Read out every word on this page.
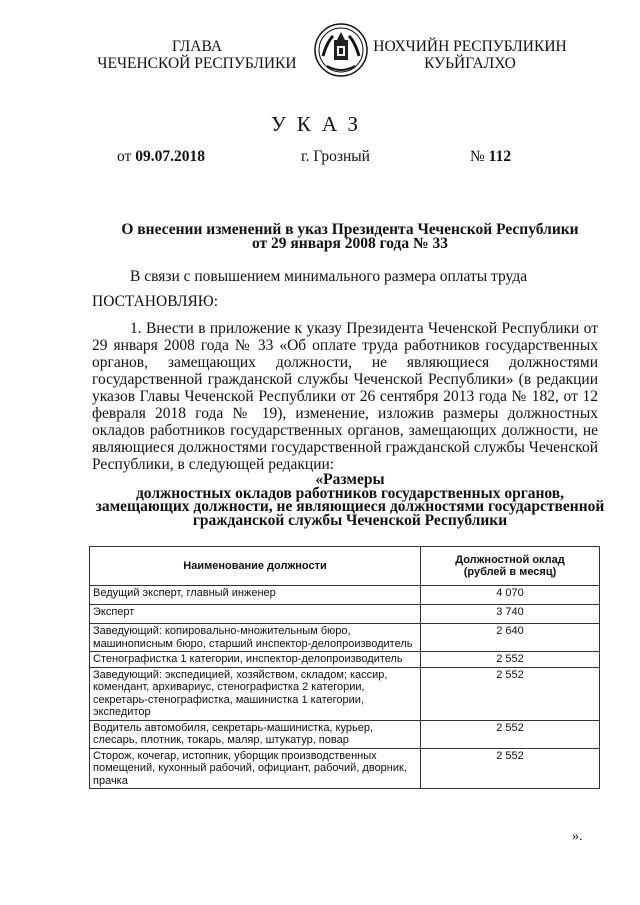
ГЛАВА
ЧЕЧЕНСКОЙ РЕСПУБЛИКИ
НОХЧИЙН РЕСПУБЛИКИН
КУЬЙГАЛХО
УКАЗ
от 09.07.2018	г. Грозный	№ 112
О внесении изменений в указ Президента Чеченской Республики
от 29 января 2008 года № 33
В связи с повышением минимального размера оплаты труда
ПОСТАНОВЛЯЮ:
1. Внести в приложение к указу Президента Чеченской Республики от 29 января 2008 года № 33 «Об оплате труда работников государственных органов, замещающих должности, не являющиеся должностями государственной гражданской службы Чеченской Республики» (в редакции указов Главы Чеченской Республики от 26 сентября 2013 года № 182, от 12 февраля 2018 года № 19), изменение, изложив размеры должностных окладов работников государственных органов, замещающих должности, не являющиеся должностями государственной гражданской службы Чеченской Республики, в следующей редакции:
«Размеры
должностных окладов работников государственных органов,
замещающих должности, не являющиеся должностями государственной
гражданской службы Чеченской Республики
Наименование должности	Должностной оклад
(рублей в месяц)

Ведущий эксперт, главный инженер	4 070
Эксперт	3 740
Заведующий: копировально-множительным бюро, машинописным бюро, старший инспектор-делопроизводитель	2 640
Стенографистка 1 категории, инспектор-делопроизводитель	2 552
Заведующий: экспедицией, хозяйством, складом; кассир, комендант, архивариус, стенографистка 2 категории, секретарь-стенографистка, машинистка 1 категории, экспедитор	2 552
Водитель автомобиля, секретарь-машинистка, курьер, слесарь, плотник, токарь, маляр, штукатур, повар	2 552
Сторож, кочегар, истопник, уборщик производственных помещений, кухонный рабочий, официант, рабочий, дворник, прачка	2 552
».
